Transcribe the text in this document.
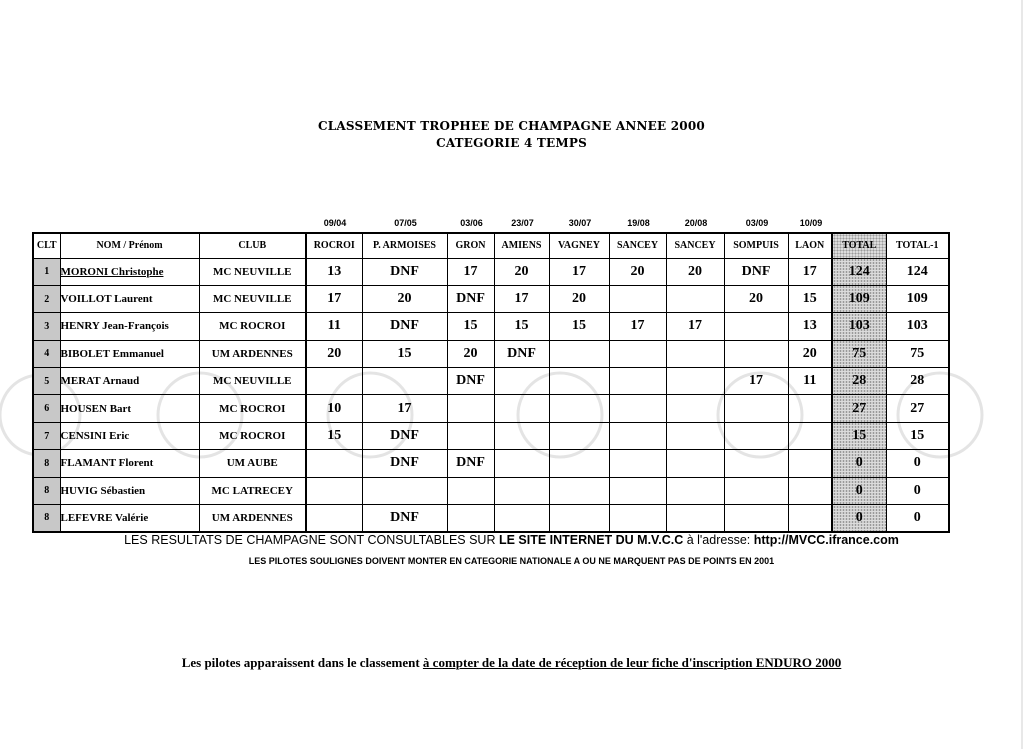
CLASSEMENT TROPHEE DE CHAMPAGNE ANNEE 2000
CATEGORIE 4 TEMPS
09/04	07/05	03/06	23/07	30/07	19/08	20/08	03/09	10/09
CLT	NOM / Prénom	CLUB	ROCROI	P. ARMOISES	GRON	AMIENS	VAGNEY	SANCEY	SANCEY	SOMPUIS	LAON	TOTAL	TOTAL-1
1	MORONI Christophe	MC NEUVILLE	13	DNF	17	20	17	20	20	DNF	17	124	124
2	VOILLOT Laurent	MC NEUVILLE	17	20	DNF	17	20			20	15	109	109
3	HENRY Jean-François	MC ROCROI	11	DNF	15	15	15	17	17		13	103	103
4	BIBOLET Emmanuel	UM ARDENNES	20	15	20	DNF					20	75	75
5	MERAT Arnaud	MC NEUVILLE			DNF					17	11	28	28
6	HOUSEN Bart	MC ROCROI	10	17								27	27
7	CENSINI Eric	MC ROCROI	15	DNF								15	15
8	FLAMANT Florent	UM AUBE		DNF	DNF							0	0
8	HUVIG Sébastien	MC LATRECEY										0	0
8	LEFEVRE Valérie	UM ARDENNES		DNF								0	0
LES RESULTATS DE CHAMPAGNE SONT CONSULTABLES SUR LE SITE INTERNET DU M.V.C.C à l'adresse: http://MVCC.ifrance.com
LES PILOTES SOULIGNES DOIVENT MONTER EN CATEGORIE NATIONALE A OU NE MARQUENT PAS DE POINTS EN 2001
Les pilotes apparaissent dans le classement à compter de la date de réception de leur fiche d'inscription ENDURO 2000
